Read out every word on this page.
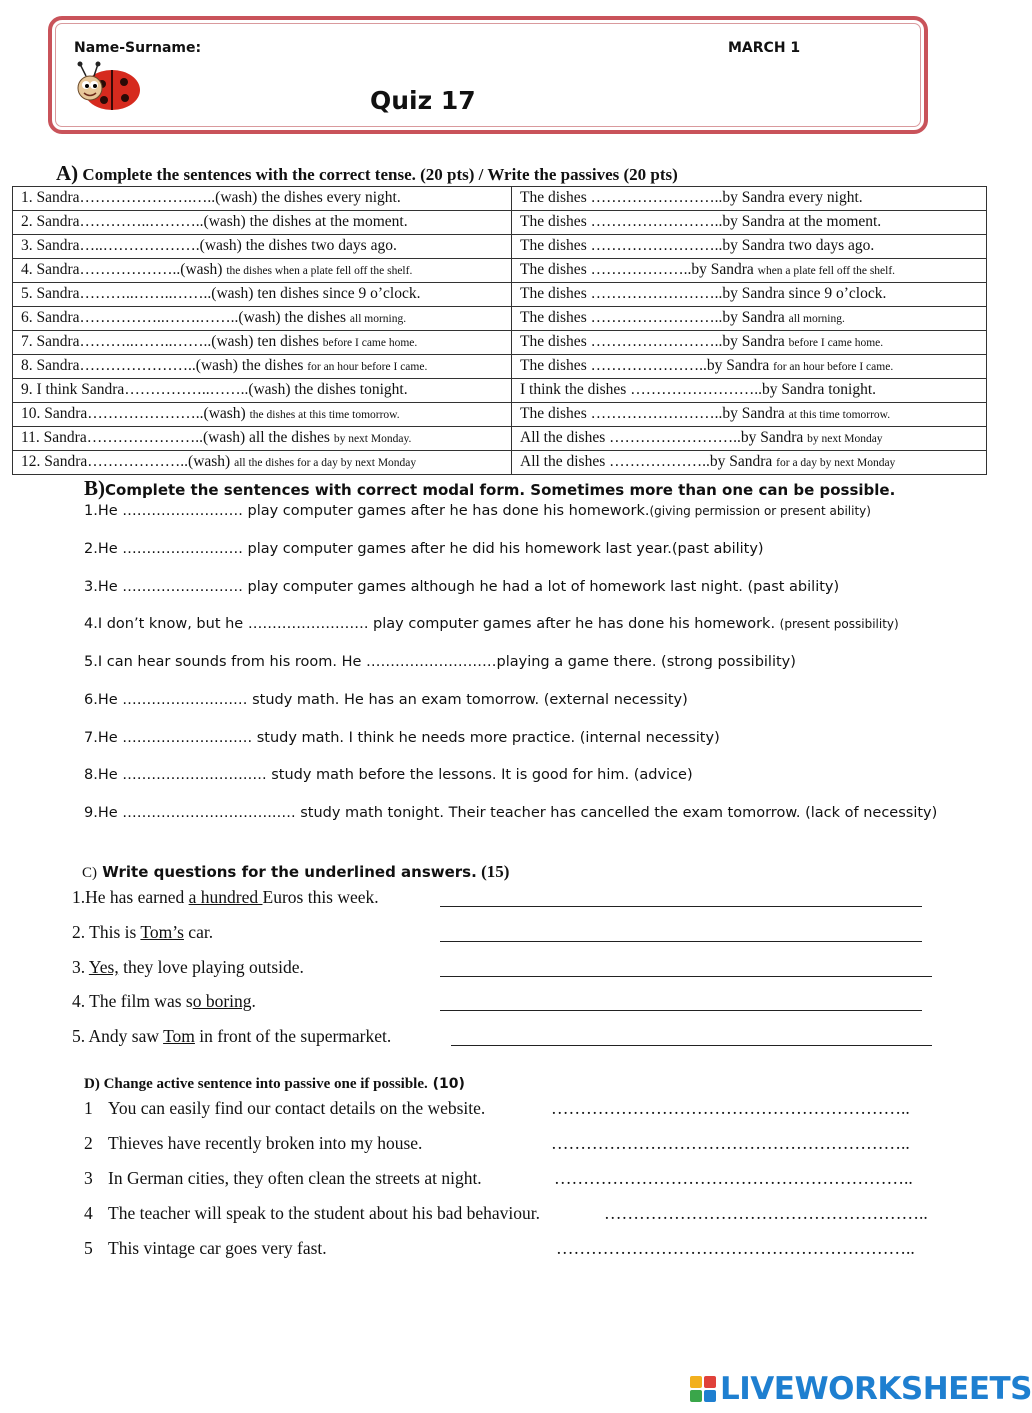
Name-Surname:	MARCH 1
Quiz 17
A) Complete the sentences with the correct tense. (20 pts) / Write the passives (20 pts)
1. Sandra………………….…..(wash) the dishes every night.	The dishes ……………………..by Sandra every night.
2. Sandra…………..………..(wash) the dishes at the moment.	The dishes ……………………..by Sandra at the moment.
3. Sandra…..……………….(wash) the dishes two days ago.	The dishes ……………………..by Sandra two days ago.
4. Sandra………………..(wash) the dishes when a plate fell off the shelf.	The dishes ………………..by Sandra when a plate fell off the shelf.
5. Sandra………..……..……..(wash) ten dishes since 9 o’clock.	The dishes ……………………..by Sandra since 9 o’clock.
6. Sandra……………..…….……..(wash) the dishes all morning.	The dishes ……………………..by Sandra all morning.
7. Sandra………..……..……..(wash) ten dishes before I came home.	The dishes ……………………..by Sandra before I came home.
8. Sandra…………………..(wash) the dishes for an hour before I came.	The dishes …………………..by Sandra for an hour before I came.
9. I think Sandra……………..……..(wash) the dishes tonight.	I think the dishes ……………………..by Sandra tonight.
10. Sandra…………………..(wash) the dishes at this time tomorrow.	The dishes ……………………..by Sandra at this time tomorrow.
11. Sandra…………………..(wash) all the dishes by next Monday.	All the dishes ……………………..by Sandra by next Monday
12. Sandra………………..(wash) all the dishes for a day by next Monday	All the dishes ………………..by Sandra for a day by next Monday
B)Complete the sentences with correct modal form. Sometimes more than one can be possible.
1.He ……………………. play computer games after he has done his homework.(giving permission or present ability)
2.He ……………………. play computer games after he did his homework last year.(past ability)
3.He ……………………. play computer games although he had a lot of homework last night. (past ability)
4.I don’t know, but he ……………………. play computer games after he has done his homework. (present possibility)
5.I can hear sounds from his room. He ………………………playing a game there. (strong possibility)
6.He ……………….….… study math. He has an exam tomorrow. (external necessity)
7.He ……………….….…. study math. I think he needs more practice. (internal necessity)
8.He ……………….…….…. study math before the lessons. It is good for him. (advice)
9.He …………………………..…. study math tonight. Their teacher has cancelled the exam tomorrow. (lack of necessity)
C) Write questions for the underlined answers. (15)
1.He has earned a hundred Euros this week.
2. This is Tom’s car.
3. Yes, they love playing outside.
4. The film was so boring.
5. Andy saw Tom in front of the supermarket.
D) Change active sentence into passive one if possible. (10)
1 You can easily find our contact details on the website.	……………………………………………………..
2 Thieves have recently broken into my house.	……………………………………………………..
3 In German cities, they often clean the streets at night.	……………………………………………………..
4 The teacher will speak to the student about his bad behaviour.	………………………………………………..
5 This vintage car goes very fast.	……………………………………………………..
LIVEWORKSHEETS
